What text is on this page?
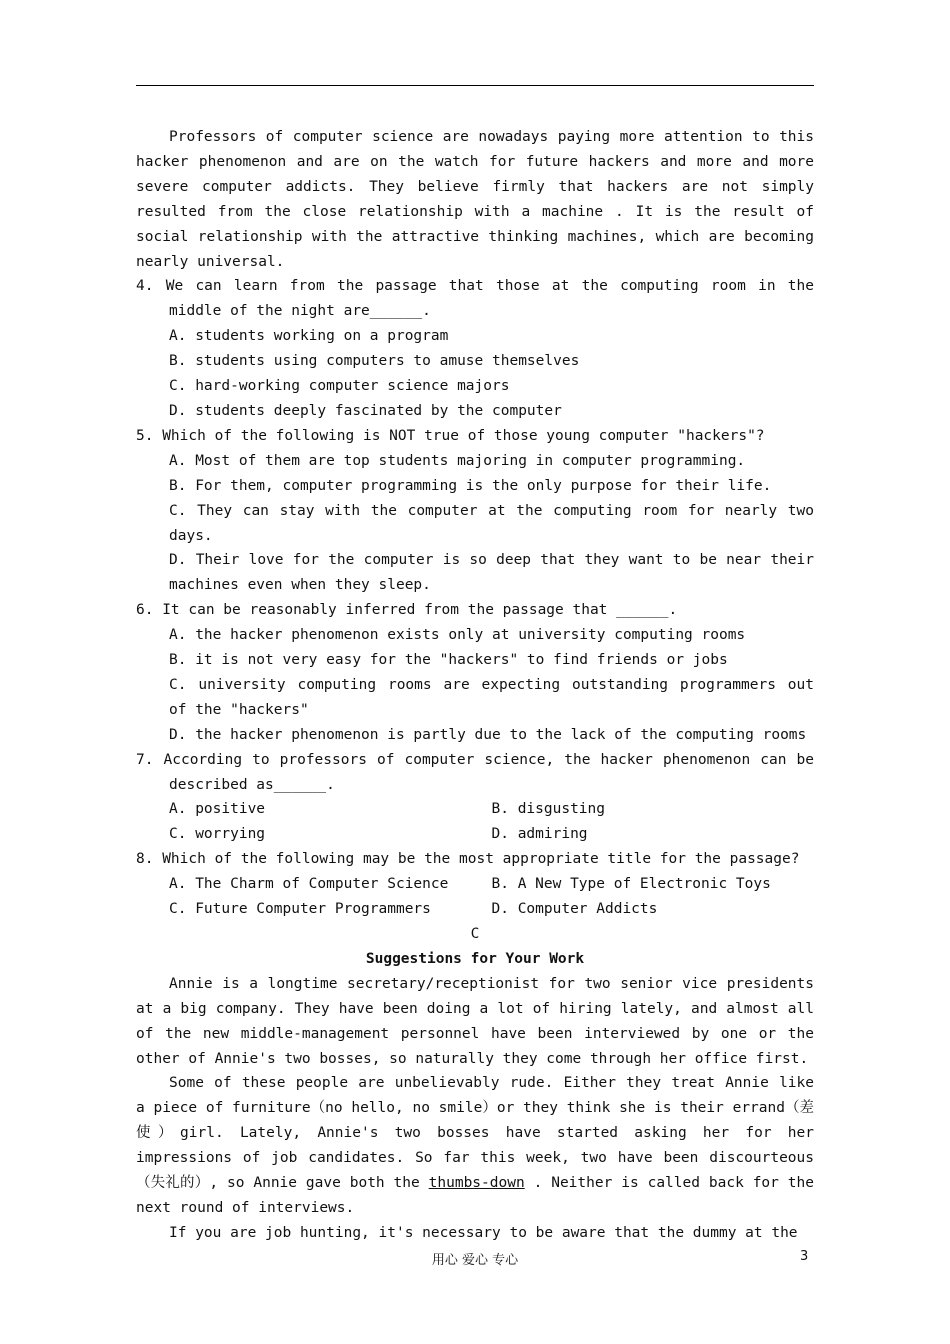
Professors of computer science are nowadays paying more attention to this hacker phenomenon and are on the watch for future hackers and more and more severe computer addicts. They believe firmly that hackers are not simply resulted from the close relationship with a machine . It is the result of social relationship with the attractive thinking machines, which are becoming nearly universal.

4. We can learn from the passage that those at the computing room in the middle of the night are______.

A. students working on a program

B. students using computers to amuse themselves

C. hard-working computer science majors

D. students deeply fascinated by the computer

5. Which of the following is NOT true of those young computer "hackers"?

A. Most of them are top students majoring in computer programming.

B. For them, computer programming is the only purpose for their life.

C. They can stay with the computer at the computing room for nearly two days.

D. Their love for the computer is so deep that they want to be near their machines even when they sleep.

6. It can be reasonably inferred from the passage that ______.

A. the hacker phenomenon exists only at university computing rooms

B. it is not very easy for the "hackers" to find friends or jobs

C. university computing rooms are expecting outstanding programmers out of the "hackers"

D. the hacker phenomenon is partly due to the lack of the computing rooms

7. According to professors of computer science, the hacker phenomenon can be described as______.

A. positive	B. disgusting
C. worrying	D. admiring

8. Which of the following may be the most appropriate title for the passage?

A. The Charm of Computer Science	B. A New Type of Electronic Toys
C. Future Computer Programmers	D. Computer Addicts

C

Suggestions for Your Work

Annie is a longtime secretary/receptionist for two senior vice presidents at a big company. They have been doing a lot of hiring lately, and almost all of the new middle-management personnel have been interviewed by one or the other of Annie's two bosses, so naturally they come through her office first.

Some of these people are unbelievably rude. Either they treat Annie like a piece of furniture（no hello, no smile）or they think she is their errand（差使）girl. Lately, Annie's two bosses have started asking her for her impressions of job candidates. So far this week, two have been discourteous（失礼的）, so Annie gave both the thumbs-down . Neither is called back for the next round of interviews.

If you are job hunting, it's necessary to be aware that the dummy at the

用心 爱心 专心	3
